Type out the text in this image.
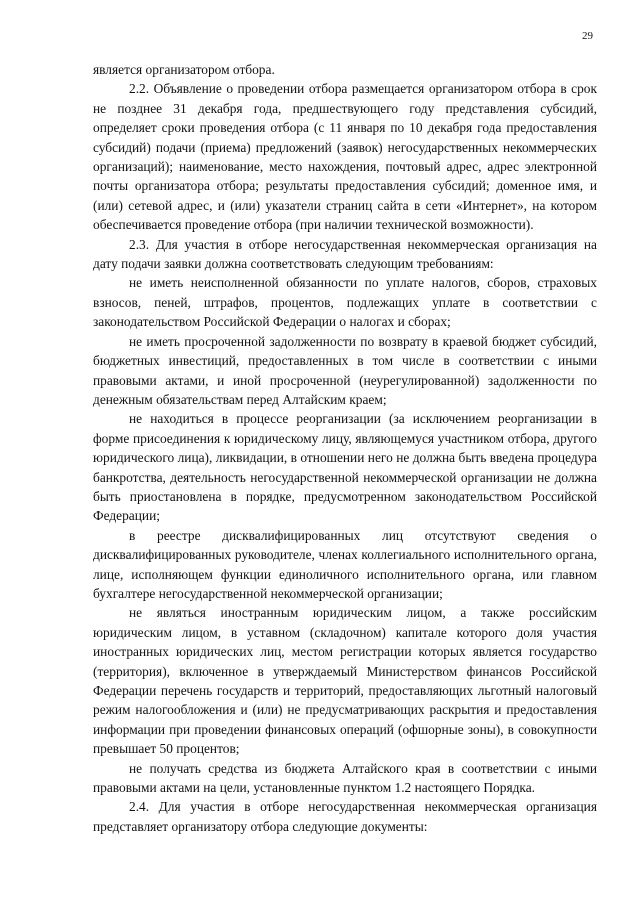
29

является организатором отбора.

2.2. Объявление о проведении отбора размещается организатором отбора в срок не позднее 31 декабря года, предшествующего году представления субсидий, определяет сроки проведения отбора (с 11 января по 10 декабря года предоставления субсидий) подачи (приема) предложений (заявок) негосударственных некоммерческих организаций); наименование, место нахождения, почтовый адрес, адрес электронной почты организатора отбора; результаты предоставления субсидий; доменное имя, и (или) сетевой адрес, и (или) указатели страниц сайта в сети «Интернет», на котором обеспечивается проведение отбора (при наличии технической возможности).

2.3. Для участия в отборе негосударственная некоммерческая организация на дату подачи заявки должна соответствовать следующим требованиям:

не иметь неисполненной обязанности по уплате налогов, сборов, страховых взносов, пеней, штрафов, процентов, подлежащих уплате в соответствии с законодательством Российской Федерации о налогах и сборах;

не иметь просроченной задолженности по возврату в краевой бюджет субсидий, бюджетных инвестиций, предоставленных в том числе в соответствии с иными правовыми актами, и иной просроченной (неурегулированной) задолженности по денежным обязательствам перед Алтайским краем;

не находиться в процессе реорганизации (за исключением реорганизации в форме присоединения к юридическому лицу, являющемуся участником отбора, другого юридического лица), ликвидации, в отношении него не должна быть введена процедура банкротства, деятельность негосударственной некоммерческой организации не должна быть приостановлена в порядке, предусмотренном законодательством Российской Федерации;

в реестре дисквалифицированных лиц отсутствуют сведения о дисквалифицированных руководителе, членах коллегиального исполнительного органа, лице, исполняющем функции единоличного исполнительного органа, или главном бухгалтере негосударственной некоммерческой организации;

не являться иностранным юридическим лицом, а также российским юридическим лицом, в уставном (складочном) капитале которого доля участия иностранных юридических лиц, местом регистрации которых является государство (территория), включенное в утверждаемый Министерством финансов Российской Федерации перечень государств и территорий, предоставляющих льготный налоговый режим налогообложения и (или) не предусматривающих раскрытия и предоставления информации при проведении финансовых операций (офшорные зоны), в совокупности превышает 50 процентов;

не получать средства из бюджета Алтайского края в соответствии с иными правовыми актами на цели, установленные пунктом 1.2 настоящего Порядка.

2.4. Для участия в отборе негосударственная некоммерческая организация представляет организатору отбора следующие документы:
